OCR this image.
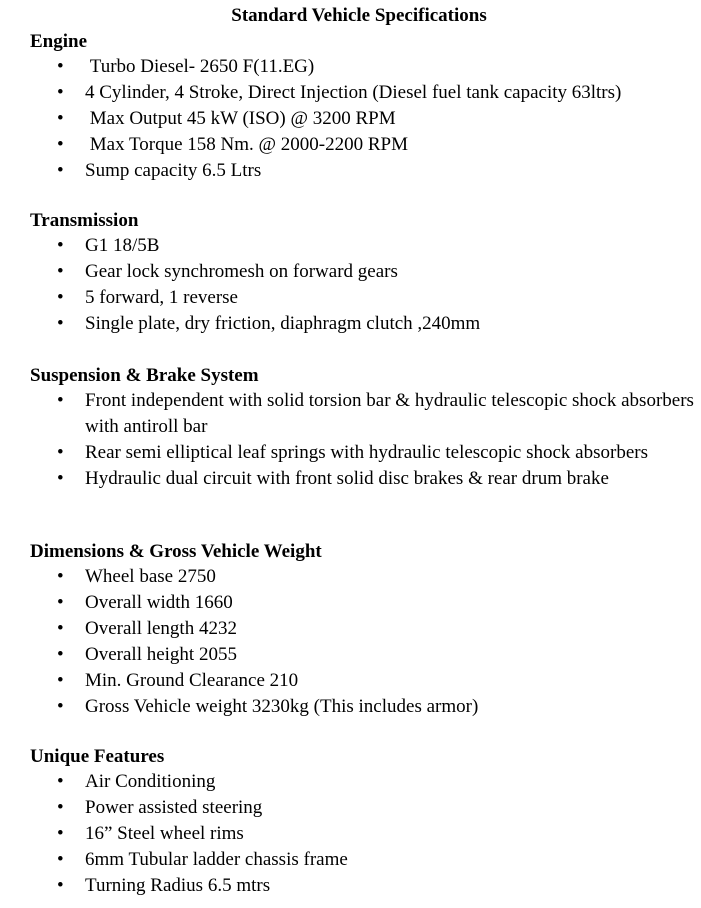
Standard Vehicle Specifications
Engine
• Turbo Diesel- 2650 F(11.EG)
• 4 Cylinder, 4 Stroke, Direct Injection (Diesel fuel tank capacity 63ltrs)
• Max Output 45 kW (ISO) @ 3200 RPM
• Max Torque 158 Nm. @ 2000-2200 RPM
• Sump capacity 6.5 Ltrs
Transmission
• G1 18/5B
• Gear lock synchromesh on forward gears
• 5 forward, 1 reverse
• Single plate, dry friction, diaphragm clutch ,240mm
Suspension & Brake System
• Front independent with solid torsion bar & hydraulic telescopic shock absorbers with antiroll bar
• Rear semi elliptical leaf springs with hydraulic telescopic shock absorbers
• Hydraulic dual circuit with front solid disc brakes & rear drum brake
Dimensions & Gross Vehicle Weight
• Wheel base 2750
• Overall width 1660
• Overall length 4232
• Overall height 2055
• Min. Ground Clearance 210
• Gross Vehicle weight 3230kg (This includes armor)
Unique Features
• Air Conditioning
• Power assisted steering
• 16” Steel wheel rims
• 6mm Tubular ladder chassis frame
• Turning Radius 6.5 mtrs
